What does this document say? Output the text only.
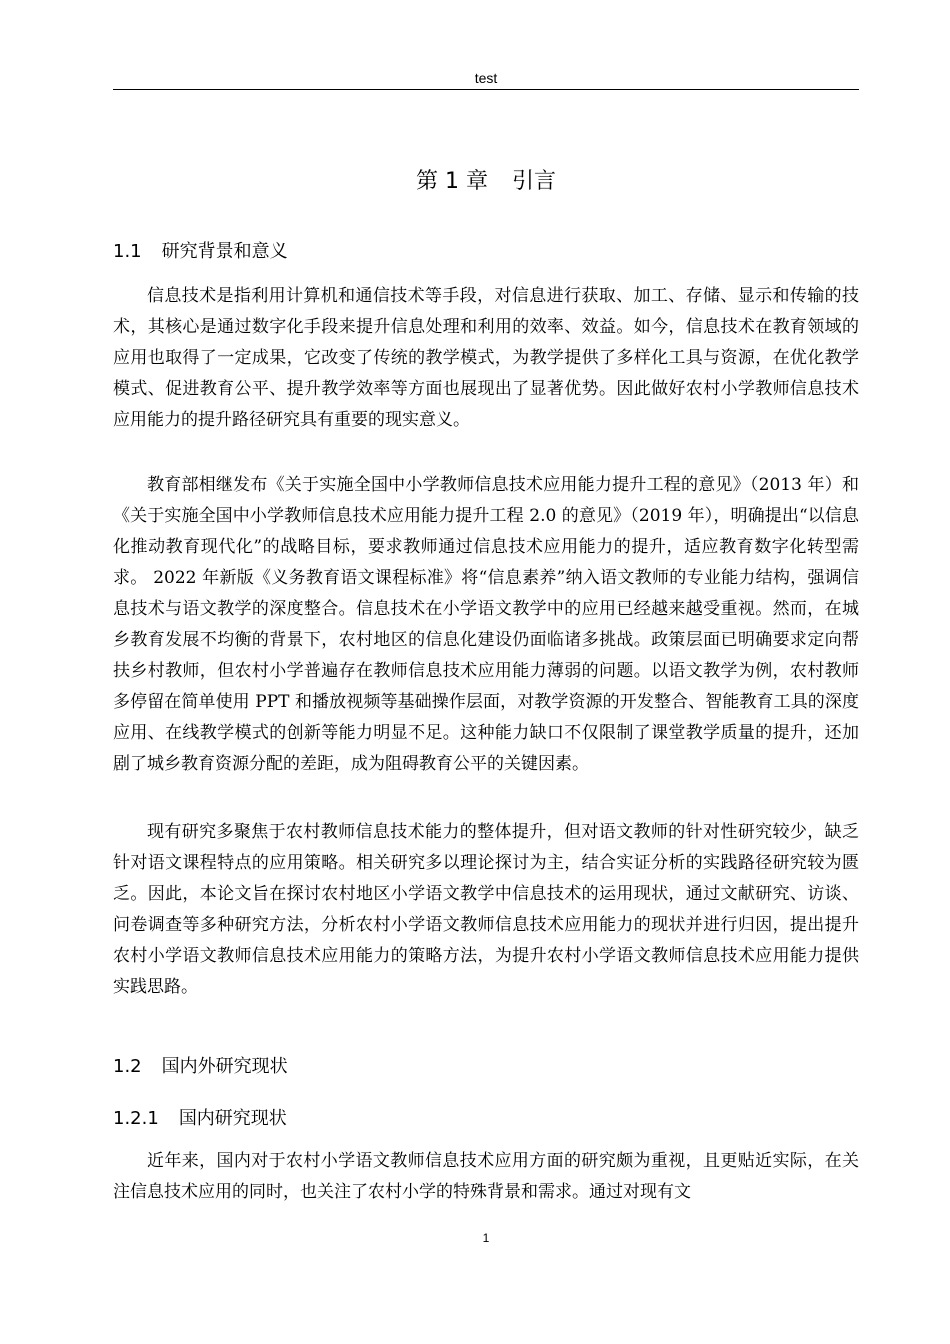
test
第 1 章 引言
1.1 研究背景和意义

信息技术是指利用计算机和通信技术等手段，对信息进行获取、加工、存储、显示和传输的技术，其核心是通过数字化手段来提升信息处理和利用的效率、效益。如今，信息技术在教育领域的应用也取得了一定成果，它改变了传统的教学模式，为教学提供了多样化工具与资源，在优化教学模式、促进教育公平、提升教学效率等方面也展现出了显著优势。因此做好农村小学教师信息技术应用能力的提升路径研究具有重要的现实意义。

教育部相继发布《关于实施全国中小学教师信息技术应用能力提升工程的意见》（2013 年）和《关于实施全国中小学教师信息技术应用能力提升工程 2.0 的意见》（2019 年），明确提出“以信息化推动教育现代化”的战略目标，要求教师通过信息技术应用能力的提升，适应教育数字化转型需求。 2022 年新版《义务教育语文课程标准》将“信息素养”纳入语文教师的专业能力结构，强调信息技术与语文教学的深度整合。信息技术在小学语文教学中的应用已经越来越受重视。然而，在城乡教育发展不均衡的背景下，农村地区的信息化建设仍面临诸多挑战。政策层面已明确要求定向帮扶乡村教师，但农村小学普遍存在教师信息技术应用能力薄弱的问题。以语文教学为例，农村教师多停留在简单使用 PPT 和播放视频等基础操作层面，对教学资源的开发整合、智能教育工具的深度应用、在线教学模式的创新等能力明显不足。这种能力缺口不仅限制了课堂教学质量的提升，还加剧了城乡教育资源分配的差距，成为阻碍教育公平的关键因素。

现有研究多聚焦于农村教师信息技术能力的整体提升，但对语文教师的针对性研究较少，缺乏针对语文课程特点的应用策略。相关研究多以理论探讨为主，结合实证分析的实践路径研究较为匮乏。因此，本论文旨在探讨农村地区小学语文教学中信息技术的运用现状，通过文献研究、访谈、问卷调查等多种研究方法，分析农村小学语文教师信息技术应用能力的现状并进行归因，提出提升农村小学语文教师信息技术应用能力的策略方法，为提升农村小学语文教师信息技术应用能力提供实践思路。

1.2 国内外研究现状
1.2.1 国内研究现状

近年来，国内对于农村小学语文教师信息技术应用方面的研究颇为重视，且更贴近实际，在关注信息技术应用的同时，也关注了农村小学的特殊背景和需求。通过对现有文

1
